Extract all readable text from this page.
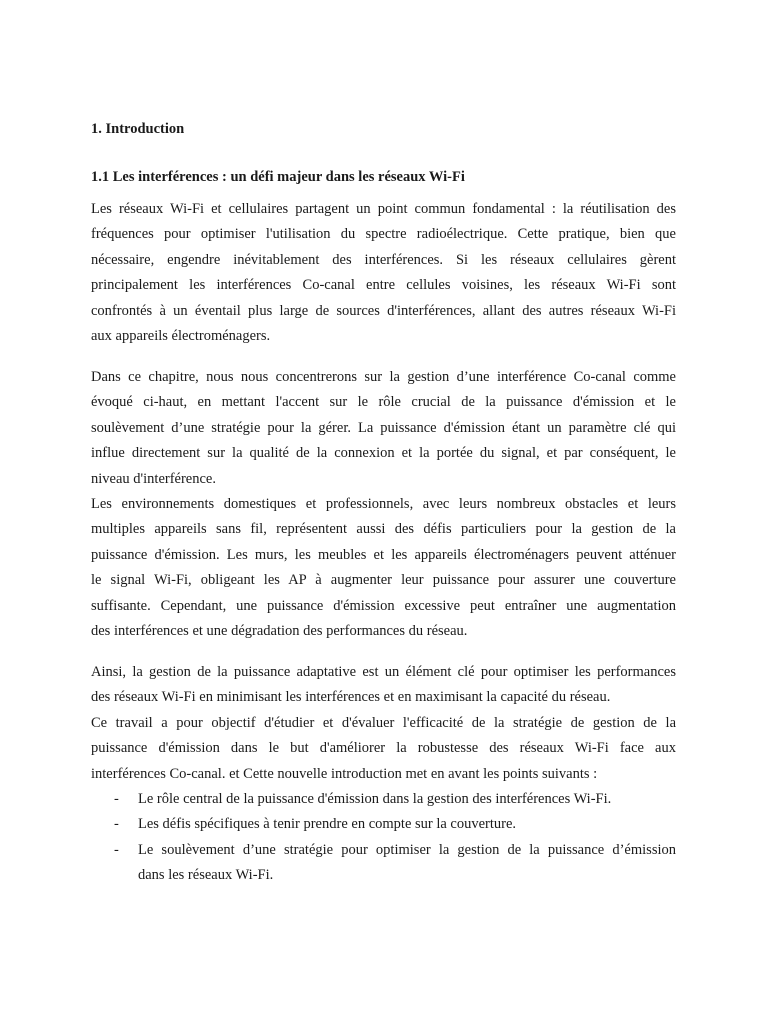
1. Introduction
1.1 Les interférences : un défi majeur dans les réseaux Wi-Fi
Les réseaux Wi-Fi et cellulaires partagent un point commun fondamental : la réutilisation des
fréquences pour optimiser l'utilisation du spectre radioélectrique. Cette pratique, bien que
nécessaire, engendre inévitablement des interférences. Si les réseaux cellulaires gèrent
principalement les interférences Co-canal entre cellules voisines, les réseaux Wi-Fi sont
confrontés à un éventail plus large de sources d'interférences, allant des autres réseaux Wi-Fi
aux appareils électroménagers.
Dans ce chapitre, nous nous concentrerons sur la gestion d’une interférence Co-canal comme
évoqué ci-haut, en mettant l'accent sur le rôle crucial de la puissance d'émission et le
soulèvement d’une stratégie pour la gérer. La puissance d'émission étant un paramètre clé qui
influe directement sur la qualité de la connexion et la portée du signal, et par conséquent, le
niveau d'interférence.
Les environnements domestiques et professionnels, avec leurs nombreux obstacles et leurs
multiples appareils sans fil, représentent aussi des défis particuliers pour la gestion de la
puissance d'émission. Les murs, les meubles et les appareils électroménagers peuvent atténuer
le signal Wi-Fi, obligeant les AP à augmenter leur puissance pour assurer une couverture
suffisante. Cependant, une puissance d'émission excessive peut entraîner une augmentation
des interférences et une dégradation des performances du réseau.
Ainsi, la gestion de la puissance adaptative est un élément clé pour optimiser les performances
des réseaux Wi-Fi en minimisant les interférences et en maximisant la capacité du réseau.
Ce travail a pour objectif d'étudier et d'évaluer l'efficacité de la stratégie de gestion de la
puissance d'émission dans le but d'améliorer la robustesse des réseaux Wi-Fi face aux
interférences Co-canal. et Cette nouvelle introduction met en avant les points suivants :
- Le rôle central de la puissance d'émission dans la gestion des interférences Wi-Fi.
- Les défis spécifiques à tenir prendre en compte sur la couverture.
- Le soulèvement d’une stratégie pour optimiser la gestion de la puissance d’émission
dans les réseaux Wi-Fi.
